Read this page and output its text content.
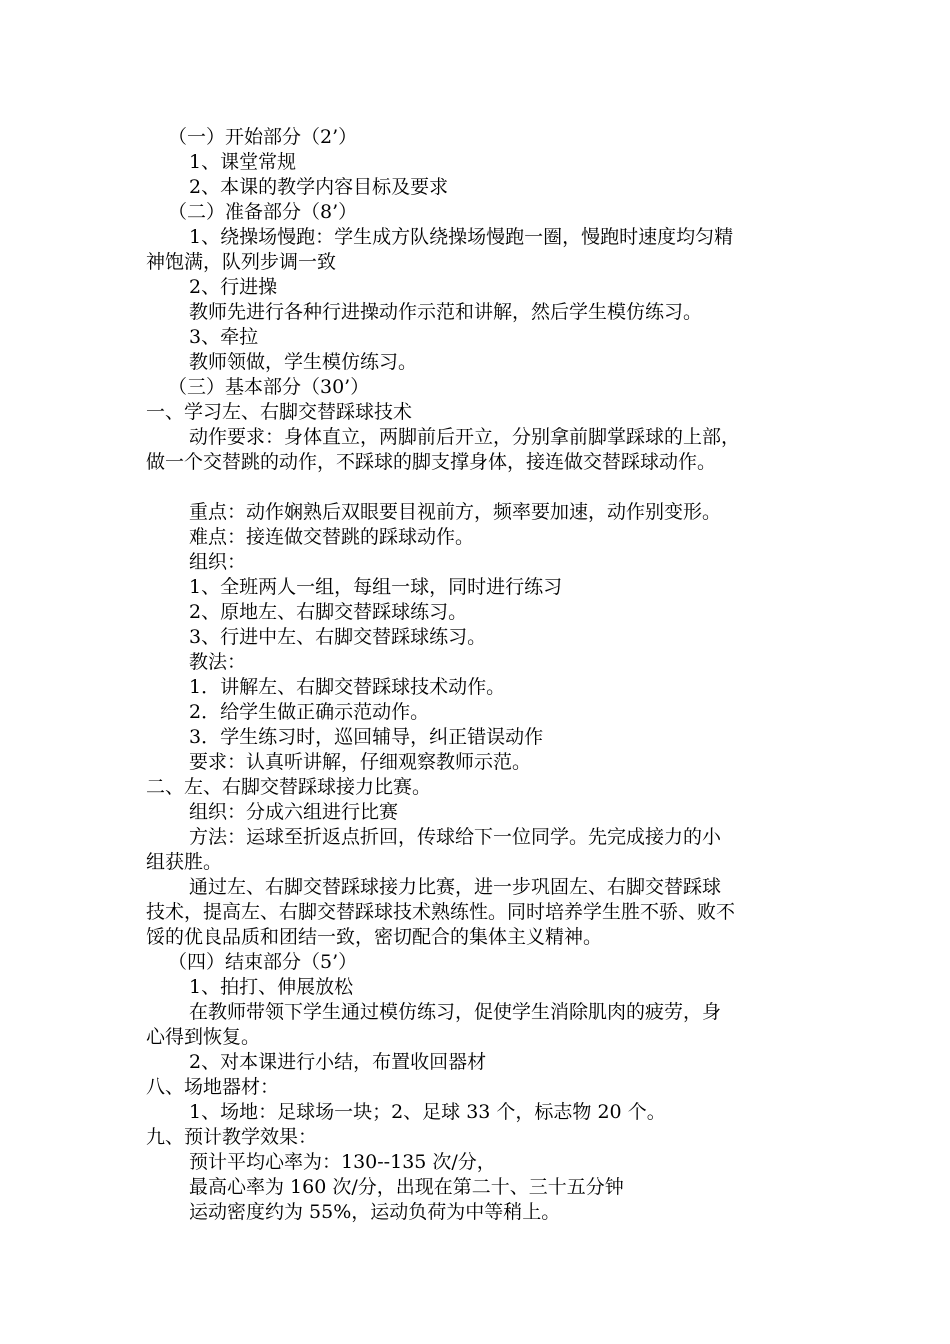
（一）开始部分（2’）
1、课堂常规
2、本课的教学内容目标及要求
（二）准备部分（8’）
1、绕操场慢跑：学生成方队绕操场慢跑一圈，慢跑时速度均匀精
神饱满，队列步调一致
2、行进操
教师先进行各种行进操动作示范和讲解，然后学生模仿练习。
3、牵拉
教师领做，学生模仿练习。
（三）基本部分（30’）
一、学习左、右脚交替踩球技术
动作要求：身体直立，两脚前后开立，分别拿前脚掌踩球的上部，
做一个交替跳的动作，不踩球的脚支撑身体，接连做交替踩球动作。
重点：动作娴熟后双眼要目视前方，频率要加速，动作别变形。
难点：接连做交替跳的踩球动作。
组织：
1、全班两人一组，每组一球，同时进行练习
2、原地左、右脚交替踩球练习。
3、行进中左、右脚交替踩球练习。
教法：
1．讲解左、右脚交替踩球技术动作。
2．给学生做正确示范动作。
3．学生练习时，巡回辅导，纠正错误动作
要求：认真听讲解，仔细观察教师示范。
二、左、右脚交替踩球接力比赛。
组织：分成六组进行比赛
方法：运球至折返点折回，传球给下一位同学。先完成接力的小
组获胜。
通过左、右脚交替踩球接力比赛，进一步巩固左、右脚交替踩球
技术，提高左、右脚交替踩球技术熟练性。同时培养学生胜不骄、败不
馁的优良品质和团结一致，密切配合的集体主义精神。
（四）结束部分（5’）
1、拍打、伸展放松
在教师带领下学生通过模仿练习，促使学生消除肌肉的疲劳，身
心得到恢复。
2、对本课进行小结，布置收回器材
八、场地器材：
1、场地：足球场一块；2、足球 33 个，标志物 20 个。
九、预计教学效果：
预计平均心率为：130--135 次/分，
最高心率为 160 次/分，出现在第二十、三十五分钟
运动密度约为 55%，运动负荷为中等稍上。
